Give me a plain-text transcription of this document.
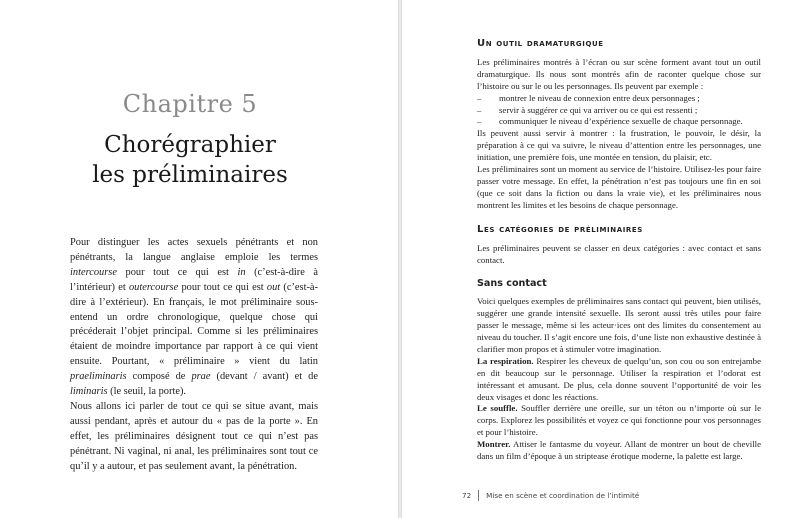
Chapitre 5
Chorégraphier
les préliminaires

Pour distinguer les actes sexuels pénétrants et non pénétrants, la langue anglaise emploie les termes intercourse pour tout ce qui est in (c’est-à-dire à l’intérieur) et outercourse pour tout ce qui est out (c’est-à-dire à l’extérieur). En français, le mot préliminaire sous-entend un ordre chronologique, quelque chose qui précéderait l’objet principal. Comme si les préliminaires étaient de moindre importance par rapport à ce qui vient ensuite. Pourtant, « préliminaire » vient du latin praeliminaris composé de prae (devant / avant) et de liminaris (le seuil, la porte).

Nous allons ici parler de tout ce qui se situe avant, mais aussi pendant, après et autour du « pas de la porte ». En effet, les préliminaires désignent tout ce qui n’est pas pénétrant. Ni vaginal, ni anal, les préliminaires sont tout ce qu’il y a autour, et pas seulement avant, la pénétration.

Un outil dramaturgique

Les préliminaires montrés à l’écran ou sur scène forment avant tout un outil dramaturgique. Ils nous sont montrés afin de raconter quelque chose sur l’histoire ou sur le ou les personnages. Ils peuvent par exemple :

– montrer le niveau de connexion entre deux personnages ;
– servir à suggérer ce qui va arriver ou ce qui est ressenti ;
– communiquer le niveau d’expérience sexuelle de chaque personnage.

Ils peuvent aussi servir à montrer : la frustration, le pouvoir, le désir, la préparation à ce qui va suivre, le niveau d’attention entre les personnages, une initiation, une première fois, une montée en tension, du plaisir, etc.

Les préliminaires sont un moment au service de l’histoire. Utilisez-les pour faire passer votre message. En effet, la pénétration n’est pas toujours une fin en soi (que ce soit dans la fiction ou dans la vraie vie), et les préliminaires nous montrent les limites et les besoins de chaque personnage.

Les catégories de préliminaires

Les préliminaires peuvent se classer en deux catégories : avec contact et sans contact.

Sans contact

Voici quelques exemples de préliminaires sans contact qui peuvent, bien utilisés, suggérer une grande intensité sexuelle. Ils seront aussi très utiles pour faire passer le message, même si les acteur·ices ont des limites du consentement au niveau du toucher. Il s’agit encore une fois, d’une liste non exhaustive destinée à clarifier mon propos et à stimuler votre imagination.

La respiration. Respirer les cheveux de quelqu’un, son cou ou son entrejambe en dit beaucoup sur le personnage. Utiliser la respiration et l’odorat est intéressant et amusant. De plus, cela donne souvent l’opportunité de voir les deux visages et donc les réactions.

Le souffle. Souffler derrière une oreille, sur un téton ou n’importe où sur le corps. Explorez les possibilités et voyez ce qui fonctionne pour vos personnages et pour l’histoire.

Montrer. Attiser le fantasme du voyeur. Allant de montrer un bout de cheville dans un film d’époque à un striptease érotique moderne, la palette est large.

72 Mise en scène et coordination de l’intimité
